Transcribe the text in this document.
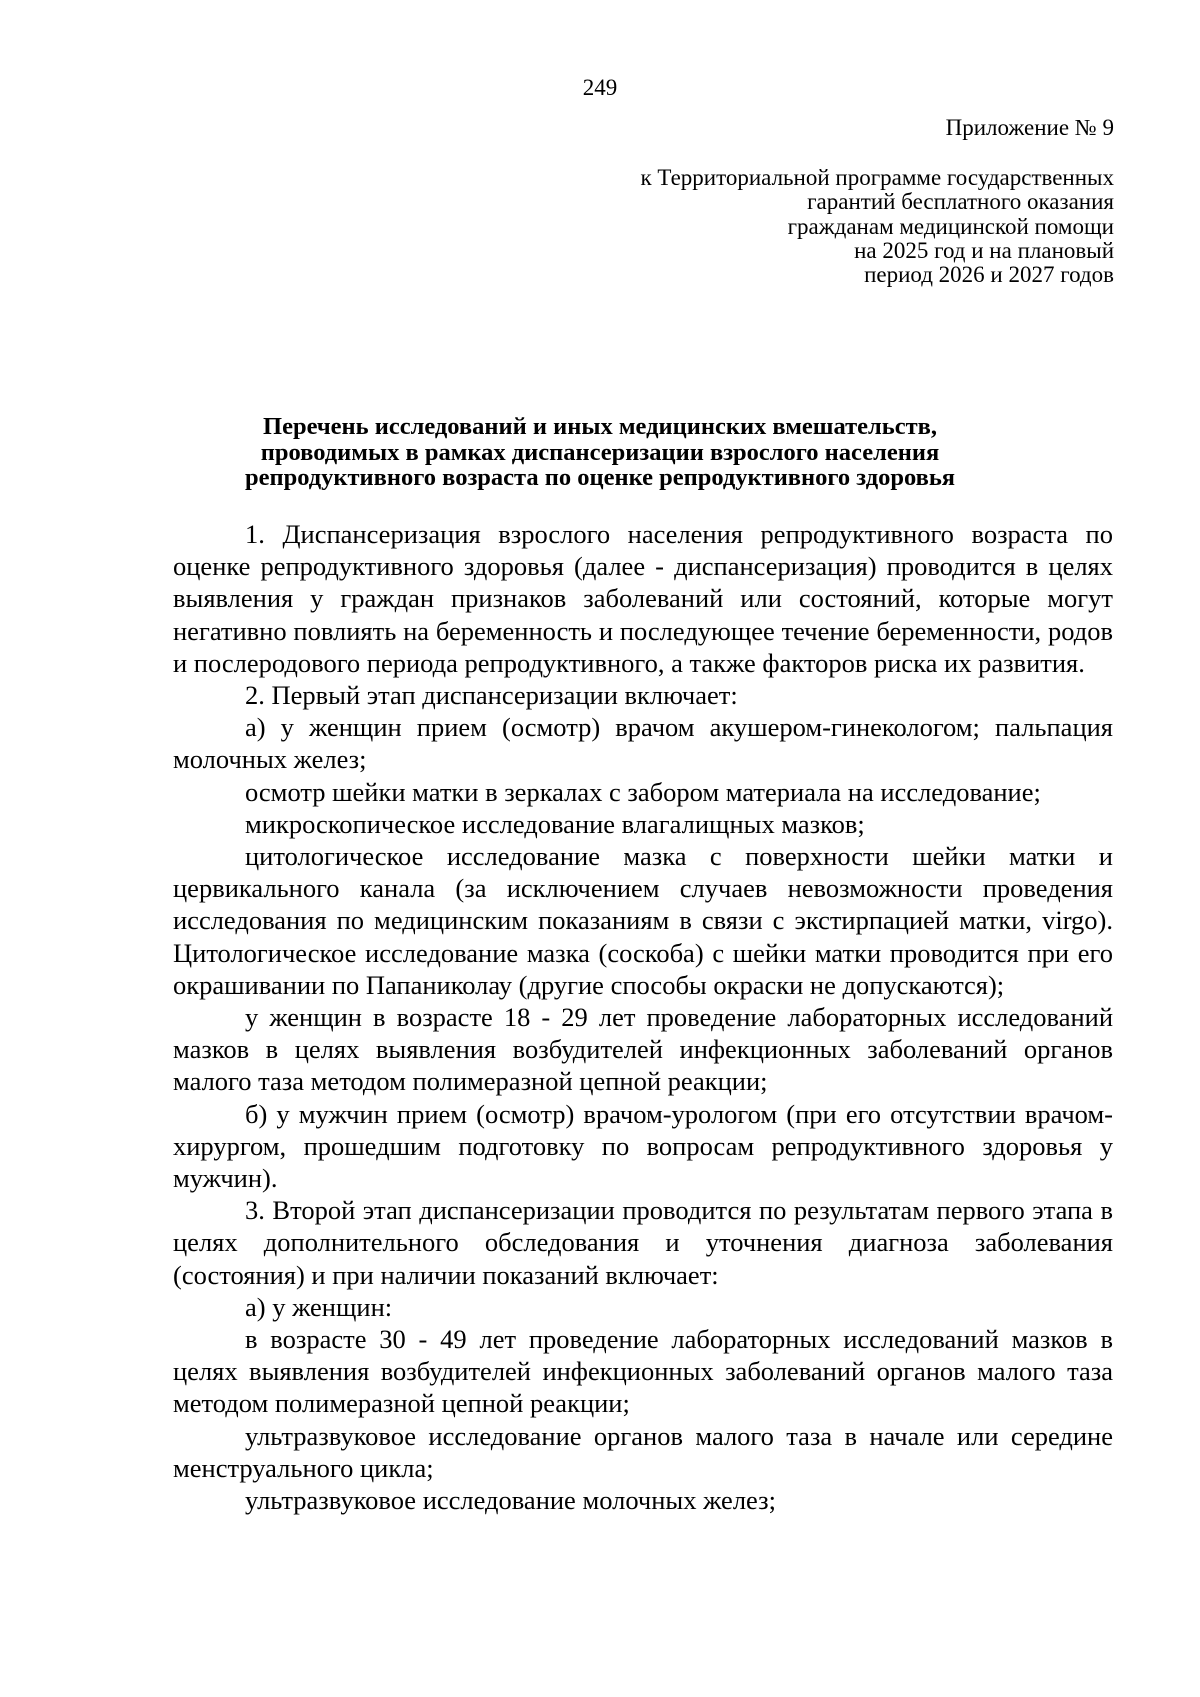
249
Приложение № 9
к Территориальной программе государственных
гарантий бесплатного оказания
гражданам медицинской помощи
на 2025 год и на плановый
период 2026 и 2027 годов
Перечень исследований и иных медицинских вмешательств,
проводимых в рамках диспансеризации взрослого населения
репродуктивного возраста по оценке репродуктивного здоровья

1. Диспансеризация взрослого населения репродуктивного возраста по оценке репродуктивного здоровья (далее - диспансеризация) проводится в целях выявления у граждан признаков заболеваний или состояний, которые могут негативно повлиять на беременность и последующее течение беременности, родов и послеродового периода репродуктивного, а также факторов риска их развития.

2. Первый этап диспансеризации включает:

а) у женщин прием (осмотр) врачом акушером-гинекологом; пальпация молочных желез;

осмотр шейки матки в зеркалах с забором материала на исследование;

микроскопическое исследование влагалищных мазков;

цитологическое исследование мазка с поверхности шейки матки и цервикального канала (за исключением случаев невозможности проведения исследования по медицинским показаниям в связи с экстирпацией матки, virgo). Цитологическое исследование мазка (соскоба) с шейки матки проводится при его окрашивании по Папаниколау (другие способы окраски не допускаются);

у женщин в возрасте 18 - 29 лет проведение лабораторных исследований мазков в целях выявления возбудителей инфекционных заболеваний органов малого таза методом полимеразной цепной реакции;

б) у мужчин прием (осмотр) врачом-урологом (при его отсутствии врачом-хирургом, прошедшим подготовку по вопросам репродуктивного здоровья у мужчин).

3. Второй этап диспансеризации проводится по результатам первого этапа в целях дополнительного обследования и уточнения диагноза заболевания (состояния) и при наличии показаний включает:

а) у женщин:

в возрасте 30 - 49 лет проведение лабораторных исследований мазков в целях выявления возбудителей инфекционных заболеваний органов малого таза методом полимеразной цепной реакции;

ультразвуковое исследование органов малого таза в начале или середине менструального цикла;

ультразвуковое исследование молочных желез;
